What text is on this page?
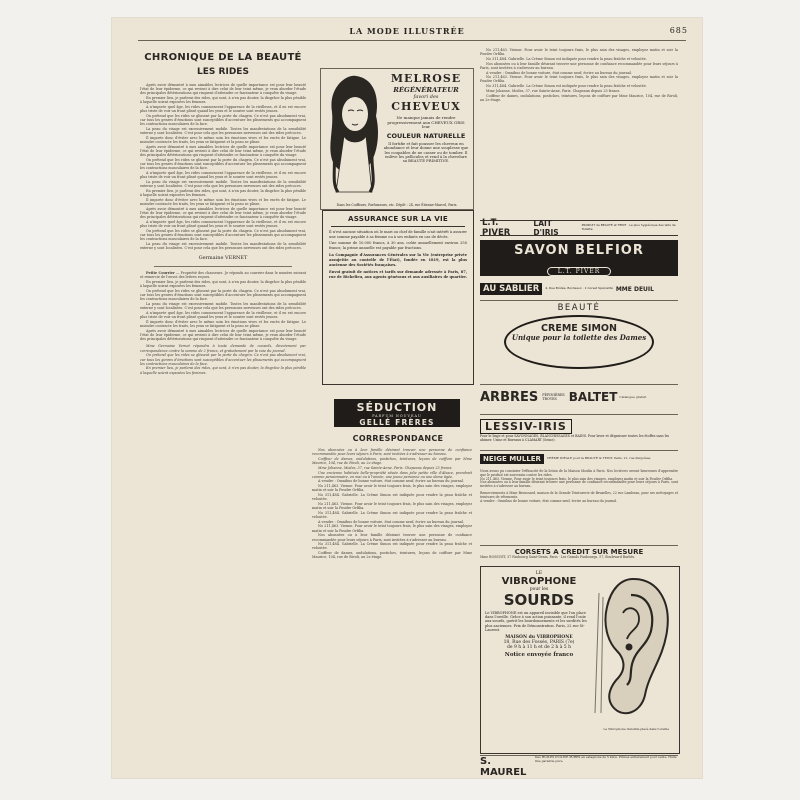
LA MODE ILLUSTRÉE	685
CHRONIQUE DE LA BEAUTÉ
LES RIDES

Après avoir démontré à mes aimables lectrices de quelle importance est pour leur beauté l'état de leur épiderme, ce qui revient à dire celui de leur teint même, je veux aborder l'étude des principales détériorations qui risquent d'atteindre ce fascinateur à conquête du visage.

En premier lieu, je parlerai des rides, qui sont, à n'en pas douter, la disgrâce la plus pénible à laquelle soient exposées les femmes.

A n'importe quel âge, les rides commencent l'apparence de la vieillesse, et il en est encore plus triste de voir un front plissé quand les yeux et le sourire sont restés jeunes.

On prétend que les rides se glissent par la porte du chagrin. Ce n'est pas absolument vrai, car tous les genres d'émotions sont susceptibles d'accentuer les plissements qui accompagnent les contractions musculaires de la face.

La peau du visage est excessivement mobile. Toutes les manifestations de la sensibilité externe y sont localisées. C'est pour cela que les personnes nerveuses ont des rides précoces.

Il importe donc d'éviter avec le même soin les émotions vives et les excès de fatigue. Le moindre contracte les traits, les yeux se fatiguent et la peau se plisse.

Après avoir démontré à mes aimables lectrices de quelle importance est pour leur beauté l'état de leur épiderme, ce qui revient à dire celui de leur teint même, je veux aborder l'étude des principales détériorations qui risquent d'atteindre ce fascinateur à conquête du visage.

On prétend que les rides se glissent par la porte du chagrin. Ce n'est pas absolument vrai, car tous les genres d'émotions sont susceptibles d'accentuer les plissements qui accompagnent les contractions musculaires de la face.

A n'importe quel âge, les rides commencent l'apparence de la vieillesse, et il en est encore plus triste de voir un front plissé quand les yeux et le sourire sont restés jeunes.

La peau du visage est excessivement mobile. Toutes les manifestations de la sensibilité externe y sont localisées. C'est pour cela que les personnes nerveuses ont des rides précoces.

En premier lieu, je parlerai des rides, qui sont, à n'en pas douter, la disgrâce la plus pénible à laquelle soient exposées les femmes.

Il importe donc d'éviter avec le même soin les émotions vives et les excès de fatigue. Le moindre contracte les traits, les yeux se fatiguent et la peau se plisse.

Après avoir démontré à mes aimables lectrices de quelle importance est pour leur beauté l'état de leur épiderme, ce qui revient à dire celui de leur teint même, je veux aborder l'étude des principales détériorations qui risquent d'atteindre ce fascinateur à conquête du visage.

A n'importe quel âge, les rides commencent l'apparence de la vieillesse, et il en est encore plus triste de voir un front plissé quand les yeux et le sourire sont restés jeunes.

On prétend que les rides se glissent par la porte du chagrin. Ce n'est pas absolument vrai, car tous les genres d'émotions sont susceptibles d'accentuer les plissements qui accompagnent les contractions musculaires de la face.

La peau du visage est excessivement mobile. Toutes les manifestations de la sensibilité externe y sont localisées. C'est pour cela que les personnes nerveuses ont des rides précoces.

Germaine VERNET

Petite Courrier — Propriété des chasseurs. Je réponds au courrier dans le numéro suivant et remercie de l'envoi des lettres reçues.

En premier lieu, je parlerai des rides, qui sont, à n'en pas douter, la disgrâce la plus pénible à laquelle soient exposées les femmes.

On prétend que les rides se glissent par la porte du chagrin. Ce n'est pas absolument vrai, car tous les genres d'émotions sont susceptibles d'accentuer les plissements qui accompagnent les contractions musculaires de la face.

La peau du visage est excessivement mobile. Toutes les manifestations de la sensibilité externe y sont localisées. C'est pour cela que les personnes nerveuses ont des rides précoces.

A n'importe quel âge, les rides commencent l'apparence de la vieillesse, et il en est encore plus triste de voir un front plissé quand les yeux et le sourire sont restés jeunes.

Il importe donc d'éviter avec le même soin les émotions vives et les excès de fatigue. Le moindre contracte les traits, les yeux se fatiguent et la peau se plisse.

Après avoir démontré à mes aimables lectrices de quelle importance est pour leur beauté l'état de leur épiderme, ce qui revient à dire celui de leur teint même, je veux aborder l'étude des principales détériorations qui risquent d'atteindre ce fascinateur à conquête du visage.

Mme Germaine Vernet répondra à toute demande de conseils, directement par correspondance contre la somme de 2 francs, et gratuitement par la voie du journal.

On prétend que les rides se glissent par la porte du chagrin. Ce n'est pas absolument vrai, car tous les genres d'émotions sont susceptibles d'accentuer les plissements qui accompagnent les contractions musculaires de la face.

En premier lieu, je parlerai des rides, qui sont, à n'en pas douter, la disgrâce la plus pénible à laquelle soient exposées les femmes.

MELROSE
RÉGÉNÉRATEUR
favori des
CHEVEUX
Ne manque jamais de rendre progressivement aux CHEVEUX GRIS leur
COULEUR NATURELLE
Il fortifie et fait pousser les cheveux en abondance et leur donne une souplesse que les coupables de ne casser ou de tomber. Il enlève les pellicules et rend à la chevelure sa BEAUTÉ PRIMITIVE.
Dans les Coiffeurs, Parfumeurs, etc. Dépôt : 24, rue Étienne-Marcel, Paris.
ASSURANCE SUR LA VIE
Il n'est aucune situation où le mari ou chef de famille n'ait intérêt à assurer une somme payable à sa femme ou à ses enfants en cas de décès.
Une somme de 10.000 francs, à 30 ans, coûte annuellement environ 250 francs; la prime annuelle est payable par fractions.
La Compagnie d'Assurances Générales sur la Vie (entreprise privée assujettie au contrôle de l'État), fondée en 1819, est la plus ancienne des Sociétés françaises.
Envoi gratuit de notices et tarifs sur demande adressée à Paris, 87, rue de Richelieu, aux agents généraux et aux auxiliaires de quartier.
SÉDUCTION
PARFUM NOUVEAU
GELLÉ FRÈRES
CORRESPONDANCE

Nos abonnées ou à leur famille désirant trouver une personne de confiance recommandée pour leurs séjours à Paris, sont invitées à s'adresser au bureau.

Coiffeur de dames, ondulations, postiches, teintures, leçons de coiffure par Mme Maurice, 104, rue de Rivoli, au 2e étage.

Mme Johanne, Modes, 37, rue Sainte-Anne, Paris. Chapeaux depuis 25 francs.

Une ancienne habituée belle-propriété située dans jolie petite ville d'Alsace, prendrait comme pensionnaire, en mai ou à l'année, une jeune personne ou une dame âgée.

A vendre : Omnibus de bonne voiture, état comme neuf, écrire au bureau du journal.

No 211,463. Vienne. Pour avoir le teint toujours frais, le plus sain des visages, employez matin et soir la Poudre Orfilia.

No 311,484. Gabrielle. La Crème Simon est indiquée pour rendre la peau fraîche et veloutée.

No 211,463. Vienne. Pour avoir le teint toujours frais, le plus sain des visages, employez matin et soir la Poudre Orfilia.

No 311,484. Gabrielle. La Crème Simon est indiquée pour rendre la peau fraîche et veloutée.

A vendre : Omnibus de bonne voiture, état comme neuf, écrire au bureau du journal.

No 211,463. Vienne. Pour avoir le teint toujours frais, le plus sain des visages, employez matin et soir la Poudre Orfilia.

Nos abonnées ou à leur famille désirant trouver une personne de confiance recommandée pour leurs séjours à Paris, sont invitées à s'adresser au bureau.

No 311,484. Gabrielle. La Crème Simon est indiquée pour rendre la peau fraîche et veloutée.

Coiffeur de dames, ondulations, postiches, teintures, leçons de coiffure par Mme Maurice, 104, rue de Rivoli, au 2e étage.

No 211,463. Vienne. Pour avoir le teint toujours frais, le plus sain des visages, employez matin et soir la Poudre Orfilia.

No 311,484. Gabrielle. La Crème Simon est indiquée pour rendre la peau fraîche et veloutée.

Nos abonnées ou à leur famille désirant trouver une personne de confiance recommandée pour leurs séjours à Paris, sont invitées à s'adresser au bureau.

A vendre : Omnibus de bonne voiture, état comme neuf, écrire au bureau du journal.

No 211,463. Vienne. Pour avoir le teint toujours frais, le plus sain des visages, employez matin et soir la Poudre Orfilia.

No 311,484. Gabrielle. La Crème Simon est indiquée pour rendre la peau fraîche et veloutée.

Mme Johanne, Modes, 37, rue Sainte-Anne, Paris. Chapeaux depuis 25 francs.

Coiffeur de dames, ondulations, postiches, teintures, leçons de coiffure par Mme Maurice, 104, rue de Rivoli, au 2e étage.

L.T. PIVER
LAIT D'IRIS
PRODUIT de BEAUTÉ et TEINT · Le plus hygiénique des laits de Toilette
SAVON BELFIOR
L.T. PIVER
PARIS
AU SABLIER	4, Rue Brûlée, Bordeaux · 1 Corset Spécialité MME DEUIL
BEAUTÉ
CREME SIMON
Unique pour la toilette des Dames
ARBRES PÉPINIÈRES
TROYES BALTET Catalogue gratuit
LESSIV-IRIS
Pour le linge et pour SAVONNAGES, BLANCHISSAGES et BAINS. Pour laver et dégraisser toutes les étoffes sans les abimer. Usine et Bureaux à CLAMART (Seine).
NEIGE MULLER	CRÈME IDÉALE pour la BEAUTÉ & TEINT. Paris, 21, rue Pergolèse.
Nous avons pu constater l'efficacité de la lotion de la Maison Moulin à Paris. Nos lectrices seront heureuses d'apprendre que le produit est souverain contre les rides.
No 211,463. Vienne. Pour avoir le teint toujours frais, le plus sain des visages, employez matin et soir la Poudre Orfilia.
Nos abonnées ou à leur famille désirant trouver une personne de confiance recommandée pour leurs séjours à Paris, sont invitées à s'adresser au bureau.
Remerciements à Mme Broussard, maison de la Grande Teinturerie de Bruxelles, 22 rue Lambeau, pour ses nettoyages et teintures de vêtements.
A vendre : Omnibus de bonne voiture, état comme neuf, écrire au bureau du journal.
CORSETS A CREDIT SUR MESURE
Mme BOSSUET, 57 Faubourg Saint-Denis, Paris · Les Grands Faubourgs, 57, Boulevard Barbès.
LE
VIBROPHONE
pour les
SOURDS
Le VIBROPHONE est un appareil invisible que l'on place dans l'oreille. Grâce à son action puissante, il rend l'ouïe aux sourds, guérit les bourdonnements et les surdités les plus anciennes. Prix de Démonstration. Paris, 22 rue St-Laurent.
MAISON du VIBROPHONE
18, Rue des Fossés, PARIS (7e)
de 9 h à 11 h et de 2 h à 5 h
Notice envoyée franco
Le Vibrophone invisible placé dans l'oreille
S. MAUREL
Des HUILES D'OLIVE PURES en estagnons de 5 kilos. Primes entièrement pour vente. Huile fine garantie pure.
